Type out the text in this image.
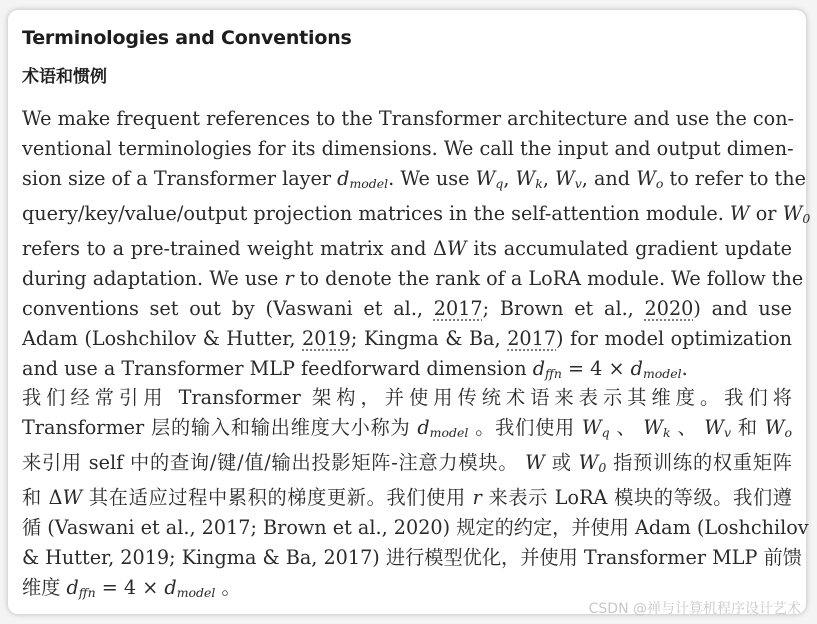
Terminologies and Conventions
术语和惯例
We make frequent references to the Transformer architecture and use the con-
ventional terminologies for its dimensions. We call the input and output dimen-
sion size of a Transformer layer $d_{model}$. We use $W_q$, $W_k$, $W_v$, and $W_o$ to refer to the
query/key/value/output projection matrices in the self-attention module. W or $W_0$
refers to a pre-trained weight matrix and ΔW its accumulated gradient update
during adaptation. We use r to denote the rank of a LoRA module. We follow the
conventions set out by (Vaswani et al., 2017; Brown et al., 2020) and use
Adam (Loshchilov & Hutter, 2019; Kingma & Ba, 2017) for model optimization
and use a Transformer MLP feedforward dimension $d_{ffn} = 4 \times d_{model}$.
我们经常引用 Transformer 架构，并使用传统术语来表示其维度。我们将
Transformer 层的输入和输出维度大小称为 $d_{model}$ 。我们使用 $W_q$ 、 $W_k$ 、 $W_v$ 和 $W_o$
来引用 self 中的查询/键/值/输出投影矩阵-注意力模块。 W 或 $W_0$ 指预训练的权重矩阵
和 ΔW 其在适应过程中累积的梯度更新。我们使用 r 来表示 LoRA 模块的等级。我们遵
循 (Vaswani et al., 2017; Brown et al., 2020) 规定的约定，并使用 Adam (Loshchilov
& Hutter, 2019; Kingma & Ba, 2017) 进行模型优化，并使用 Transformer MLP 前馈
维度 $d_{ffn} = 4 \times d_{model}$ 。
CSDN @禅与计算机程序设计艺术
